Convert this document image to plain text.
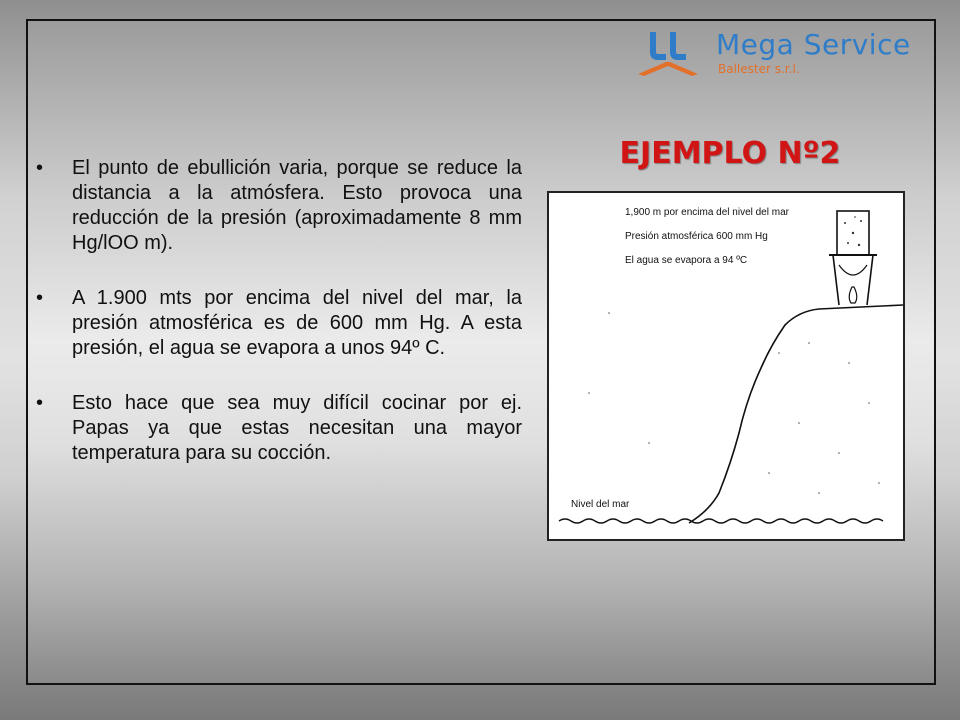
Mega Service
Ballester s.r.l.
EJEMPLO Nº2
• El punto de ebullición varia, porque se reduce la distancia a la atmósfera. Esto provoca una reducción de la presión (aproximadamente 8 mm Hg/lOO m).
• A 1.900 mts por encima del nivel del mar, la presión atmosférica es de 600 mm Hg. A esta presión, el agua se evapora a unos 94º C.
• Esto hace que sea muy difícil cocinar por ej. Papas ya que estas necesitan una mayor temperatura para su cocción.
1,900 m por encima del nivel del mar
Presión atmosférica 600 mm Hg
El agua se evapora a 94 ºC
Nivel del mar
